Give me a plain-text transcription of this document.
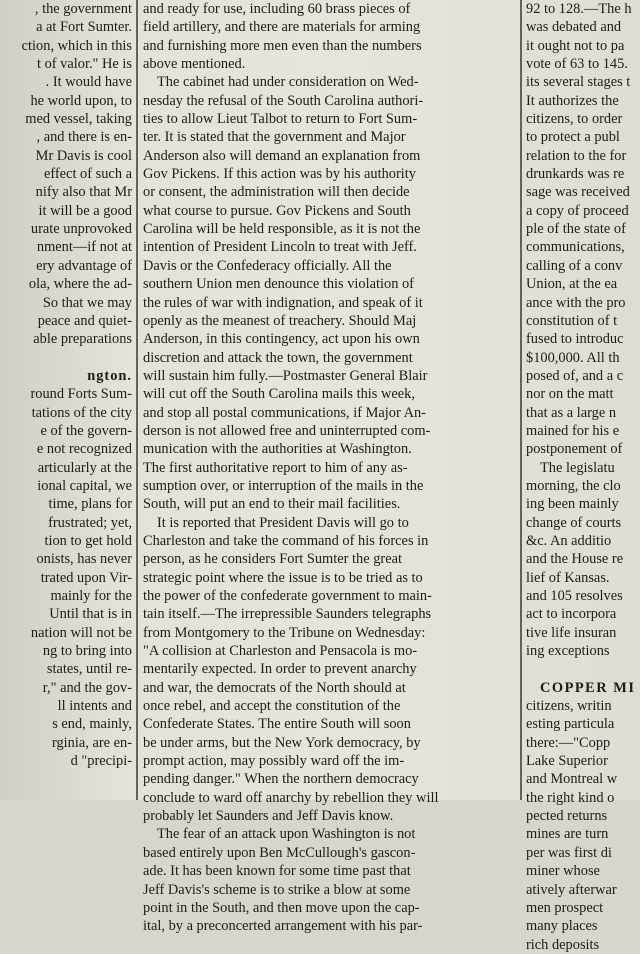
, the government

a at Fort Sumter.

ction, which in this

t of valor." He is

. It would have

he world upon, to

med vessel, taking

, and there is en-

Mr Davis is cool

effect of such a

nify also that Mr

it will be a good

urate unprovoked

nment—if not at

ery advantage of

ola, where the ad-

So that we may

peace and quiet-

able preparations

ngton.

round Forts Sum-

tations of the city

e of the govern-

e not recognized

articularly at the

ional capital, we

time, plans for

frustrated; yet,

tion to get hold

onists, has never

trated upon Vir-

mainly for the

Until that is in

nation will not be

ng to bring into

states, until re-

r," and the gov-

ll intents and

s end, mainly,

rginia, are en-

d "precipi-

and ready for use, including 60 brass pieces of

field artillery, and there are materials for arming

and furnishing more men even than the numbers

above mentioned.

The cabinet had under consideration on Wed-

nesday the refusal of the South Carolina authori-

ties to allow Lieut Talbot to return to Fort Sum-

ter. It is stated that the government and Major

Anderson also will demand an explanation from

Gov Pickens. If this action was by his authority

or consent, the administration will then decide

what course to pursue. Gov Pickens and South

Carolina will be held responsible, as it is not the

intention of President Lincoln to treat with Jeff.

Davis or the Confederacy officially. All the

southern Union men denounce this violation of

the rules of war with indignation, and speak of it

openly as the meanest of treachery. Should Maj

Anderson, in this contingency, act upon his own

discretion and attack the town, the government

will sustain him fully.—Postmaster General Blair

will cut off the South Carolina mails this week,

and stop all postal communications, if Major An-

derson is not allowed free and uninterrupted com-

munication with the authorities at Washington.

The first authoritative report to him of any as-

sumption over, or interruption of the mails in the

South, will put an end to their mail facilities.

It is reported that President Davis will go to

Charleston and take the command of his forces in

person, as he considers Fort Sumter the great

strategic point where the issue is to be tried as to

the power of the confederate government to main-

tain itself.—The irrepressible Saunders telegraphs

from Montgomery to the Tribune on Wednesday:

"A collision at Charleston and Pensacola is mo-

mentarily expected. In order to prevent anarchy

and war, the democrats of the North should at

once rebel, and accept the constitution of the

Confederate States. The entire South will soon

be under arms, but the New York democracy, by

prompt action, may possibly ward off the im-

pending danger." When the northern democracy

conclude to ward off anarchy by rebellion they will

probably let Saunders and Jeff Davis know.

The fear of an attack upon Washington is not

based entirely upon Ben McCullough's gascon-

ade. It has been known for some time past that

Jeff Davis's scheme is to strike a blow at some

point in the South, and then move upon the cap-

ital, by a preconcerted arrangement with his par-

92 to 128.—The h

was debated and

it ought not to pa

vote of 63 to 145.

its several stages t

It authorizes the

citizens, to order

to protect a publ

relation to the for

drunkards was re

sage was received

a copy of proceed

ple of the state of

communications,

calling of a conv

Union, at the ea

ance with the pro

constitution of t

fused to introduc

$100,000. All th

posed of, and a c

nor on the matt

that as a large n

mained for his e

postponement of

The legislatu

morning, the clo

ing been mainly

change of courts

&c. An additio

and the House re

lief of Kansas.

and 105 resolves

act to incorpora

tive life insuran

ing exceptions

COPPER MI

citizens, writin

esting particula

there:—"Copp

Lake Superior

and Montreal w

the right kind o

pected returns

mines are turn

per was first di

miner whose

atively afterwar

men prospect

many places

rich deposits
